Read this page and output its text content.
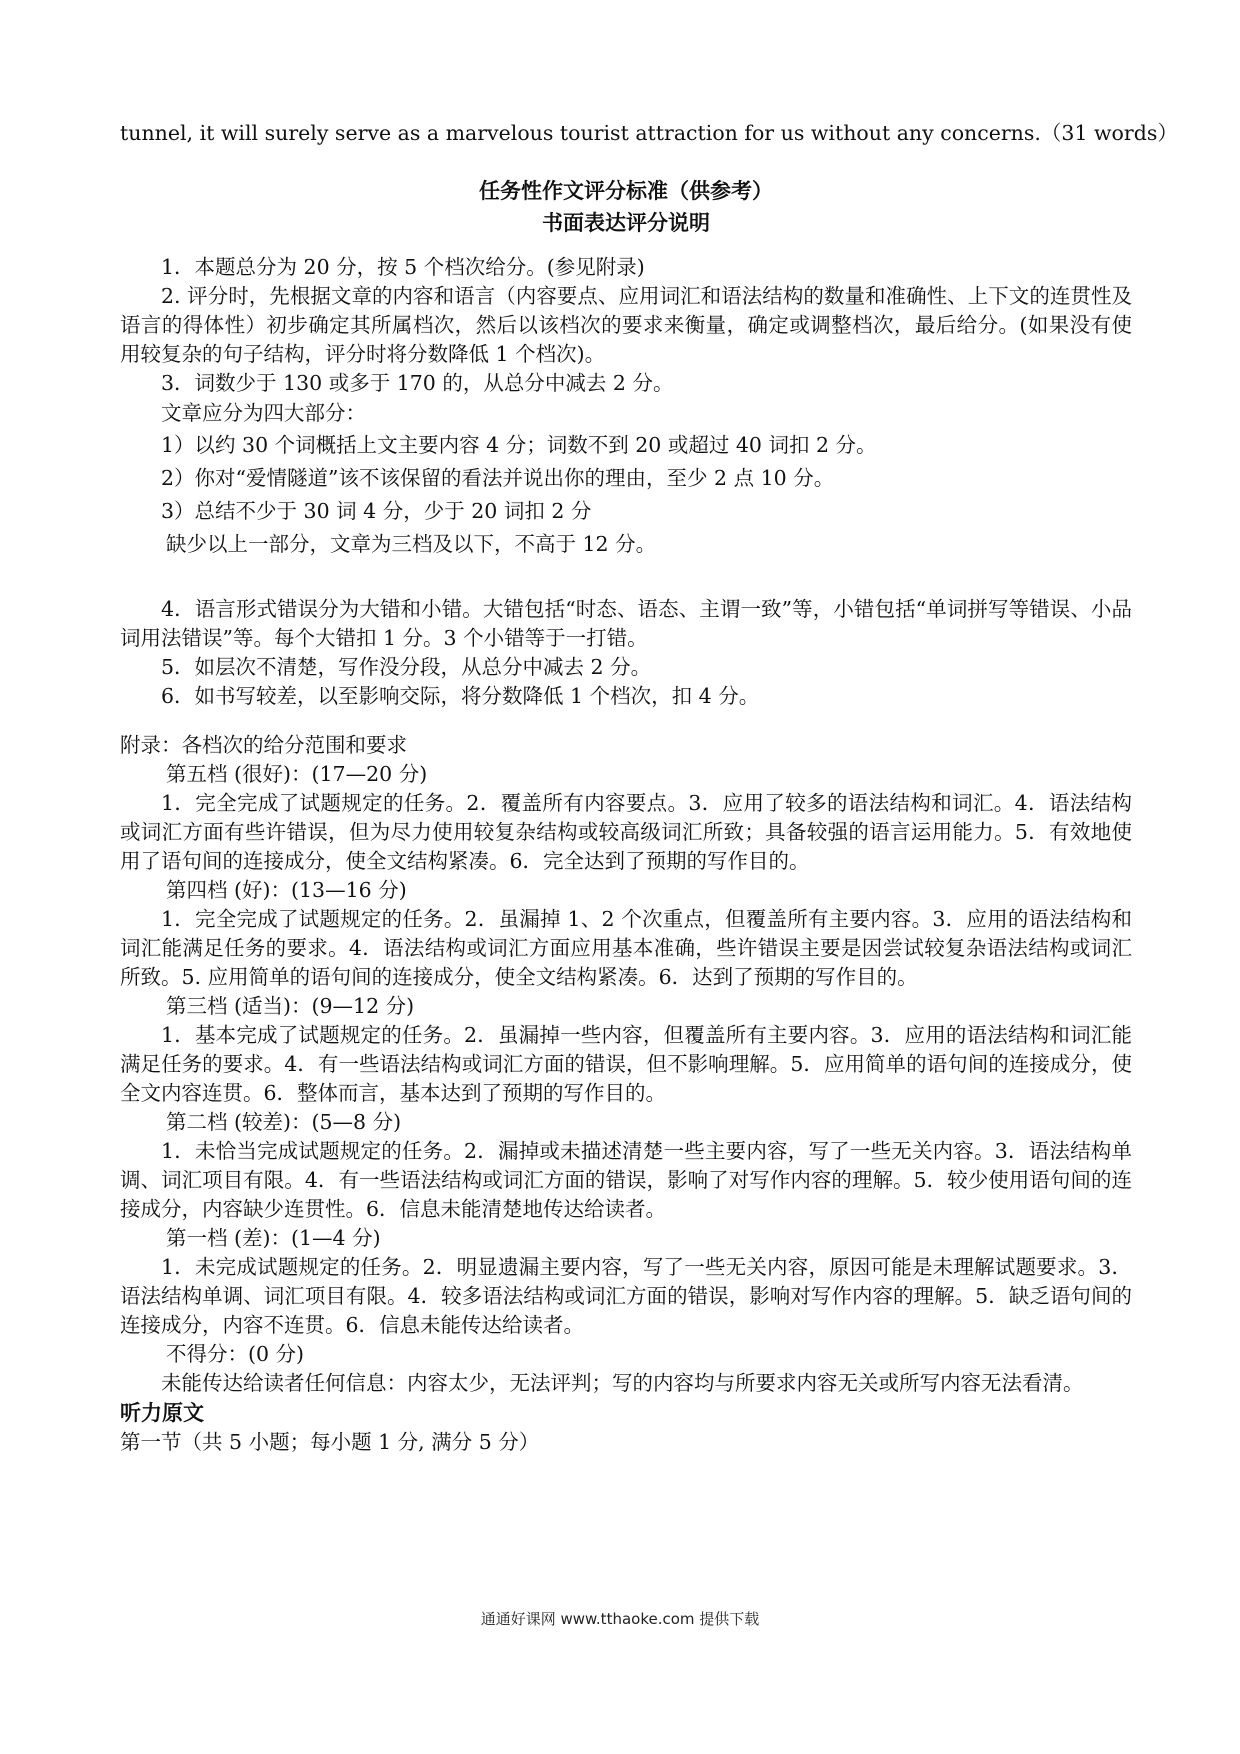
tunnel, it will surely serve as a marvelous tourist attraction for us without any concerns.（31 words）
任务性作文评分标准（供参考）
书面表达评分说明
1．本题总分为 20 分，按 5 个档次给分。(参见附录)
2. 评分时，先根据文章的内容和语言（内容要点、应用词汇和语法结构的数量和准确性、上下文的连贯性及语言的得体性）初步确定其所属档次，然后以该档次的要求来衡量，确定或调整档次，最后给分。(如果没有使用较复杂的句子结构，评分时将分数降低 1 个档次)。
3．词数少于 130 或多于 170 的，从总分中减去 2 分。
文章应分为四大部分：
1）以约 30 个词概括上文主要内容 4 分；词数不到 20 或超过 40 词扣 2 分。
2）你对“爱情隧道”该不该保留的看法并说出你的理由，至少 2 点 10 分。
3）总结不少于 30 词 4 分，少于 20 词扣 2 分
缺少以上一部分，文章为三档及以下，不高于 12 分。
4．语言形式错误分为大错和小错。大错包括“时态、语态、主谓一致”等，小错包括“单词拼写等错误、小品词用法错误”等。每个大错扣 1 分。3 个小错等于一打错。
5．如层次不清楚，写作没分段，从总分中减去 2 分。
6．如书写较差，以至影响交际，将分数降低 1 个档次，扣 4 分。
附录：各档次的给分范围和要求
第五档 (很好)：(17—20 分)
1．完全完成了试题规定的任务。2．覆盖所有内容要点。3．应用了较多的语法结构和词汇。4．语法结构或词汇方面有些许错误，但为尽力使用较复杂结构或较高级词汇所致；具备较强的语言运用能力。5．有效地使用了语句间的连接成分，使全文结构紧凑。6．完全达到了预期的写作目的。
第四档 (好)：(13—16 分)
1．完全完成了试题规定的任务。2．虽漏掉 1、2 个次重点，但覆盖所有主要内容。3．应用的语法结构和词汇能满足任务的要求。4．语法结构或词汇方面应用基本准确，些许错误主要是因尝试较复杂语法结构或词汇所致。5. 应用简单的语句间的连接成分，使全文结构紧凑。6．达到了预期的写作目的。
第三档 (适当)：(9—12 分)
1．基本完成了试题规定的任务。2．虽漏掉一些内容，但覆盖所有主要内容。3．应用的语法结构和词汇能满足任务的要求。4．有一些语法结构或词汇方面的错误，但不影响理解。5．应用简单的语句间的连接成分，使全文内容连贯。6．整体而言，基本达到了预期的写作目的。
第二档 (较差)：(5—8 分)
1．未恰当完成试题规定的任务。2．漏掉或未描述清楚一些主要内容，写了一些无关内容。3．语法结构单调、词汇项目有限。4．有一些语法结构或词汇方面的错误，影响了对写作内容的理解。5．较少使用语句间的连接成分，内容缺少连贯性。6．信息未能清楚地传达给读者。
第一档 (差)：(1—4 分)
1．未完成试题规定的任务。2．明显遗漏主要内容，写了一些无关内容，原因可能是未理解试题要求。3．语法结构单调、词汇项目有限。4．较多语法结构或词汇方面的错误，影响对写作内容的理解。5．缺乏语句间的连接成分，内容不连贯。6．信息未能传达给读者。
不得分：(0 分)
未能传达给读者任何信息：内容太少，无法评判；写的内容均与所要求内容无关或所写内容无法看清。
听力原文
第一节（共 5 小题；每小题 1 分, 满分 5 分）
通通好课网 www.tthaoke.com 提供下载
